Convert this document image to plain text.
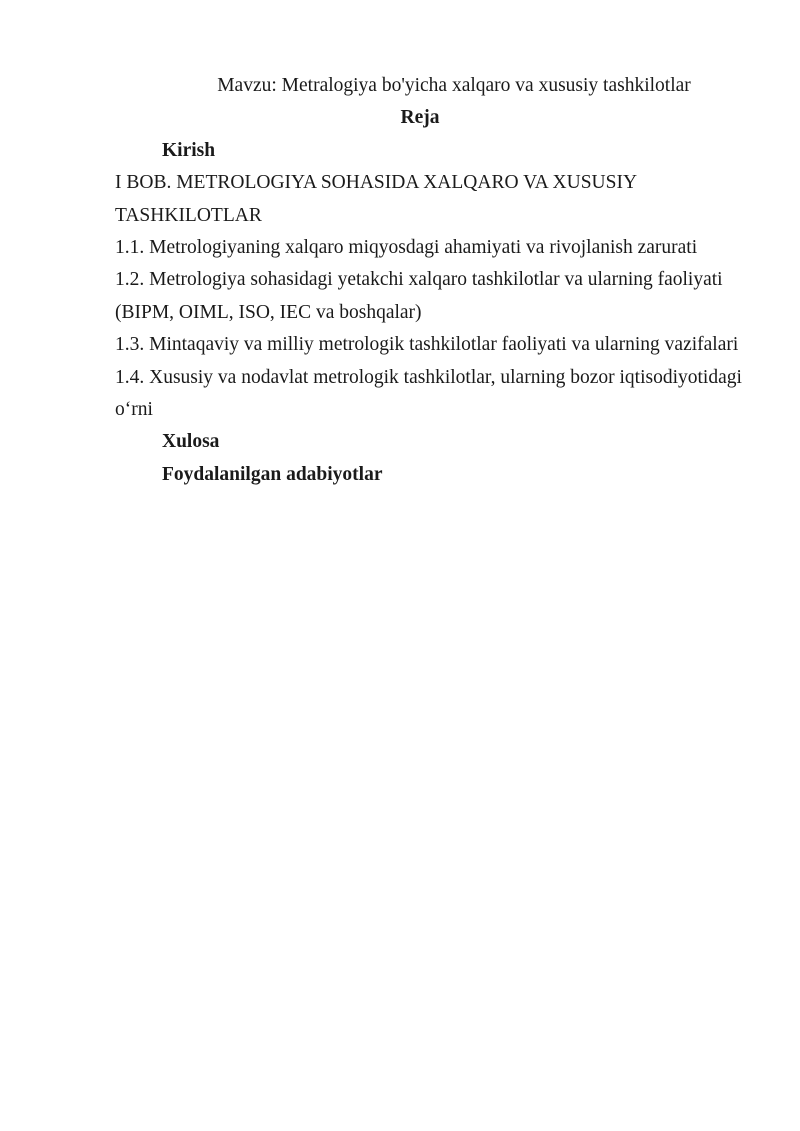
Mavzu: Metralogiya bo'yicha xalqaro va xususiy tashkilotlar
Reja
Kirish
I BOB. METROLOGIYA SOHASIDA XALQARO VA XUSUSIY
TASHKILOTLAR
1.1. Metrologiyaning xalqaro miqyosdagi ahamiyati va rivojlanish zarurati
1.2. Metrologiya sohasidagi yetakchi xalqaro tashkilotlar va ularning faoliyati
(BIPM, OIML, ISO, IEC va boshqalar)
1.3. Mintaqaviy va milliy metrologik tashkilotlar faoliyati va ularning vazifalari
1.4. Xususiy va nodavlat metrologik tashkilotlar, ularning bozor iqtisodiyotidagi
o‘rni
Xulosa
Foydalanilgan adabiyotlar
